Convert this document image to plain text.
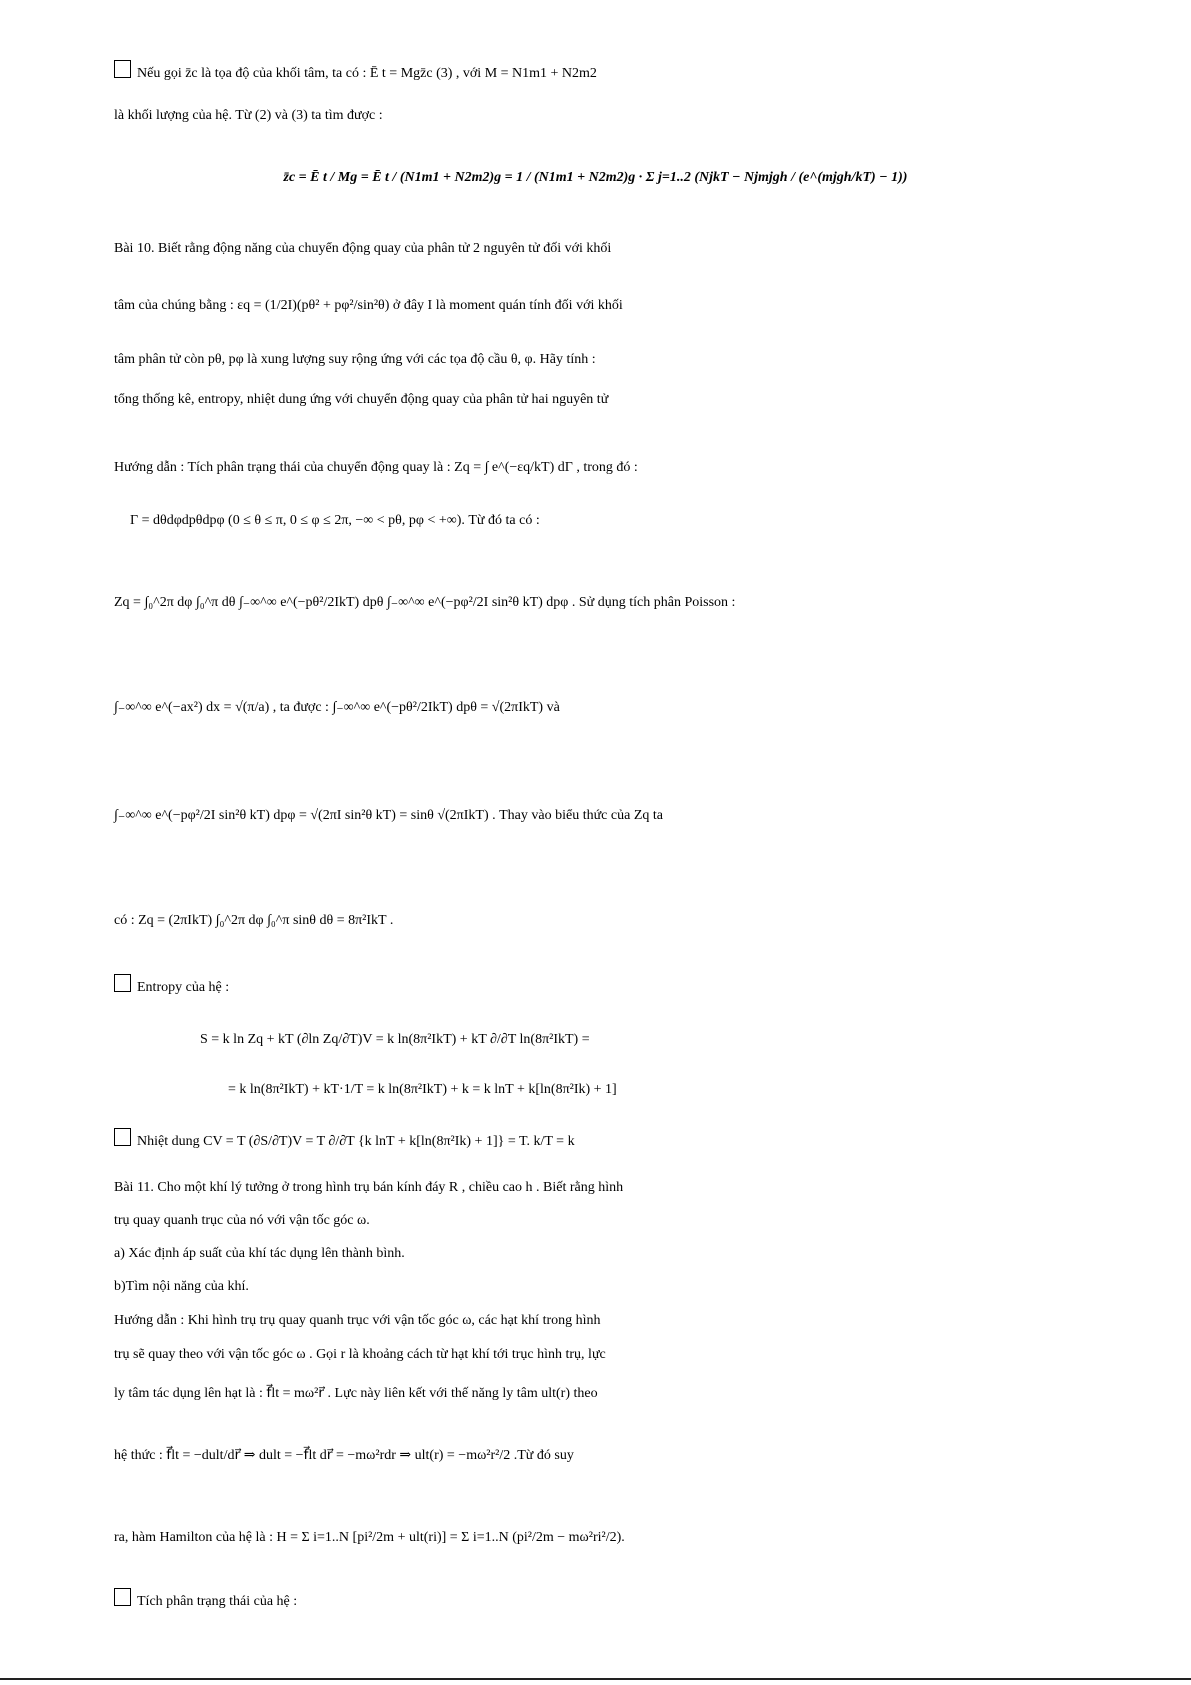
Nếu gọi z̄c là tọa độ của khối tâm, ta có : Ē t = Mgz̄c (3) , với M = N1m1 + N2m2
là khối lượng của hệ. Từ (2) và (3) ta tìm được :
z̄c = Ē t / Mg = Ē t / (N1m1 + N2m2)g = 1 / (N1m1 + N2m2)g · Σ j=1..2 (NjkT − Njmjgh / (e^(mjgh/kT) − 1))
Bài 10. Biết rằng động năng của chuyển động quay của phân tử 2 nguyên tử đối với khối
tâm của chúng bằng : εq = (1/2I)(pθ² + pφ²/sin²θ) ở đây I là moment quán tính đối với khối
tâm phân tử còn pθ, pφ là xung lượng suy rộng ứng với các tọa độ cầu θ, φ. Hãy tính :
tổng thống kê, entropy, nhiệt dung ứng với chuyển động quay của phân tử hai nguyên tử
Hướng dẫn : Tích phân trạng thái của chuyển động quay là : Zq = ∫ e^(−εq/kT) dΓ , trong đó :
Γ = dθdφdpθdpφ (0 ≤ θ ≤ π, 0 ≤ φ ≤ 2π, −∞ < pθ, pφ < +∞). Từ đó ta có :
Zq = ∫₀^2π dφ ∫₀^π dθ ∫₋∞^∞ e^(−pθ²/2IkT) dpθ ∫₋∞^∞ e^(−pφ²/2I sin²θ kT) dpφ . Sử dụng tích phân Poisson :
∫₋∞^∞ e^(−ax²) dx = √(π/a) , ta được : ∫₋∞^∞ e^(−pθ²/2IkT) dpθ = √(2πIkT) và
∫₋∞^∞ e^(−pφ²/2I sin²θ kT) dpφ = √(2πI sin²θ kT) = sinθ √(2πIkT) . Thay vào biểu thức của Zq ta
có : Zq = (2πIkT) ∫₀^2π dφ ∫₀^π sinθ dθ = 8π²IkT .
Entropy của hệ :
S = k ln Zq + kT (∂ln Zq/∂T)V = k ln(8π²IkT) + kT ∂/∂T ln(8π²IkT) =
= k ln(8π²IkT) + kT·1/T = k ln(8π²IkT) + k = k lnT + k[ln(8π²Ik) + 1]
Nhiệt dung CV = T (∂S/∂T)V = T ∂/∂T {k lnT + k[ln(8π²Ik) + 1]} = T. k/T = k
Bài 11. Cho một khí lý tưởng ở trong hình trụ bán kính đáy R , chiều cao h . Biết rằng hình
trụ quay quanh trục của nó với vận tốc góc ω.
a) Xác định áp suất của khí tác dụng lên thành bình.
b)Tìm nội năng của khí.
Hướng dẫn : Khi hình trụ trụ quay quanh trục với vận tốc góc ω, các hạt khí trong hình
trụ sẽ quay theo với vận tốc góc ω . Gọi r là khoảng cách từ hạt khí tới trục hình trụ, lực
ly tâm tác dụng lên hạt là : f⃗lt = mω²r⃗ . Lực này liên kết với thế năng ly tâm ult(r) theo
hệ thức : f⃗lt = −dult/dr⃗ ⇒ dult = −f⃗lt dr⃗ = −mω²rdr ⇒ ult(r) = −mω²r²/2 .Từ đó suy
ra, hàm Hamilton của hệ là : H = Σ i=1..N [pi²/2m + ult(ri)] = Σ i=1..N (pi²/2m − mω²ri²/2).
Tích phân trạng thái của hệ :
